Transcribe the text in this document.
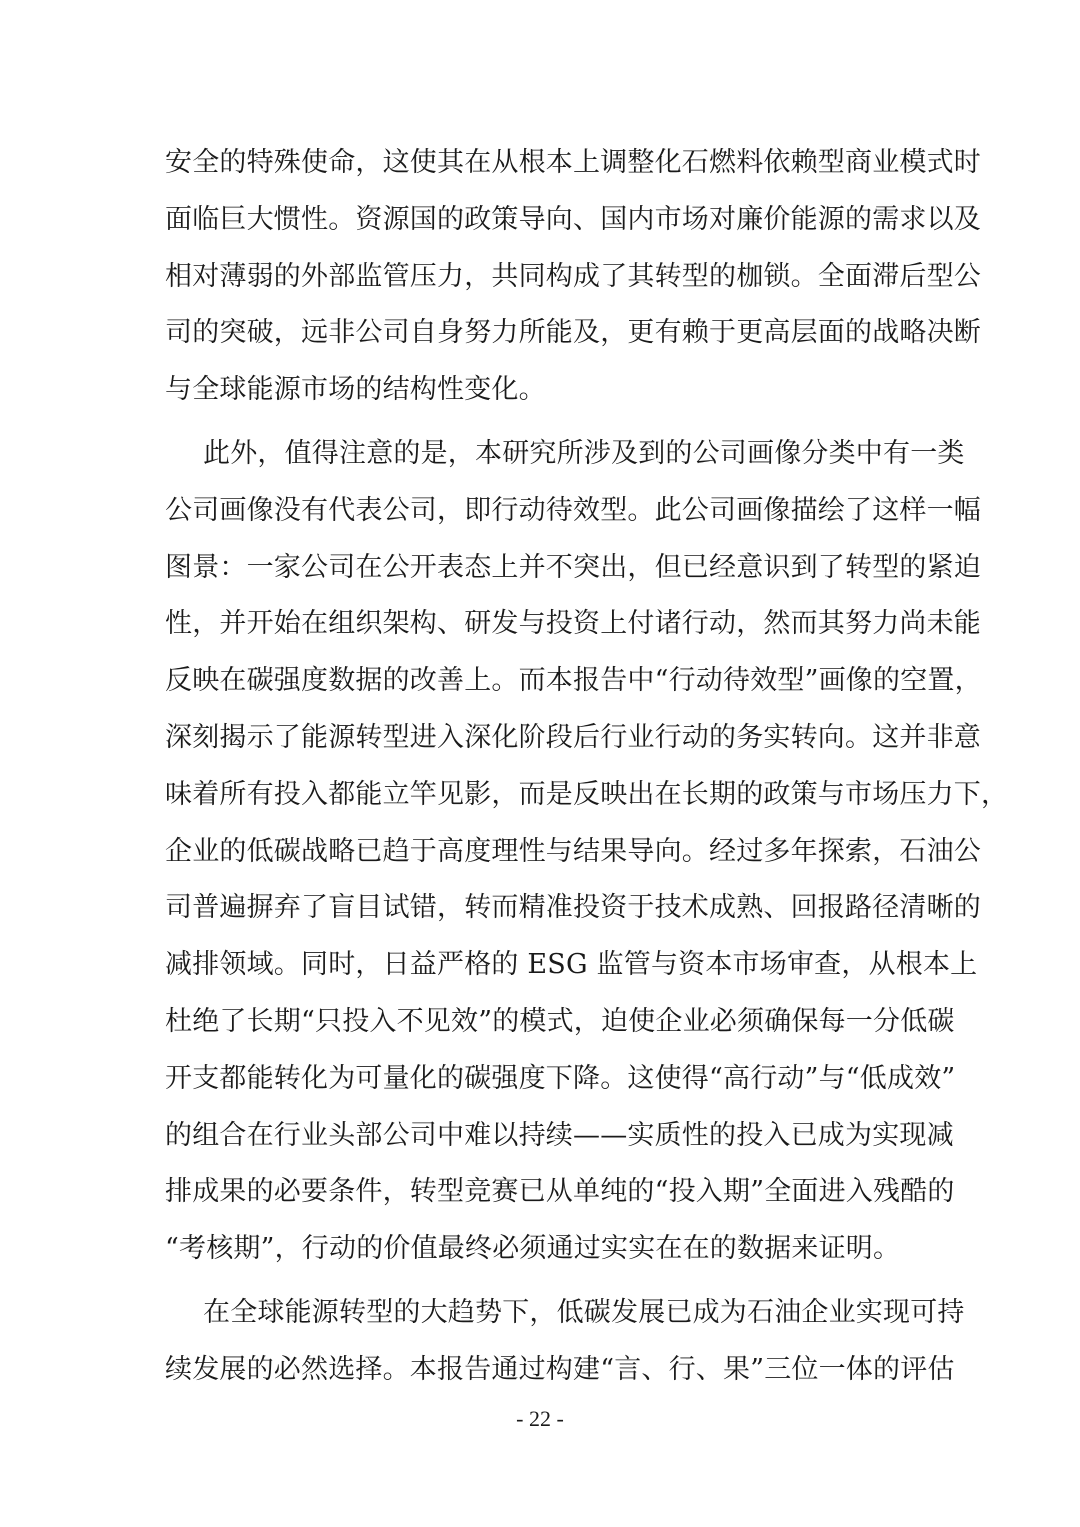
安全的特殊使命，这使其在从根本上调整化石燃料依赖型商业模式时
面临巨大惯性。资源国的政策导向、国内市场对廉价能源的需求以及
相对薄弱的外部监管压力，共同构成了其转型的枷锁。全面滞后型公
司的突破，远非公司自身努力所能及，更有赖于更高层面的战略决断
与全球能源市场的结构性变化。
此外，值得注意的是，本研究所涉及到的公司画像分类中有一类
公司画像没有代表公司，即行动待效型。此公司画像描绘了这样一幅
图景：一家公司在公开表态上并不突出，但已经意识到了转型的紧迫
性，并开始在组织架构、研发与投资上付诸行动，然而其努力尚未能
反映在碳强度数据的改善上。而本报告中“行动待效型”画像的空置，
深刻揭示了能源转型进入深化阶段后行业行动的务实转向。这并非意
味着所有投入都能立竿见影，而是反映出在长期的政策与市场压力下，
企业的低碳战略已趋于高度理性与结果导向。经过多年探索，石油公
司普遍摒弃了盲目试错，转而精准投资于技术成熟、回报路径清晰的
减排领域。同时，日益严格的 ESG 监管与资本市场审查，从根本上
杜绝了长期“只投入不见效”的模式，迫使企业必须确保每一分低碳
开支都能转化为可量化的碳强度下降。这使得“高行动”与“低成效”
的组合在行业头部公司中难以持续——实质性的投入已成为实现减
排成果的必要条件，转型竞赛已从单纯的“投入期”全面进入残酷的
“考核期”，行动的价值最终必须通过实实在在的数据来证明。
在全球能源转型的大趋势下，低碳发展已成为石油企业实现可持
续发展的必然选择。本报告通过构建“言、行、果”三位一体的评估
- 22 -
